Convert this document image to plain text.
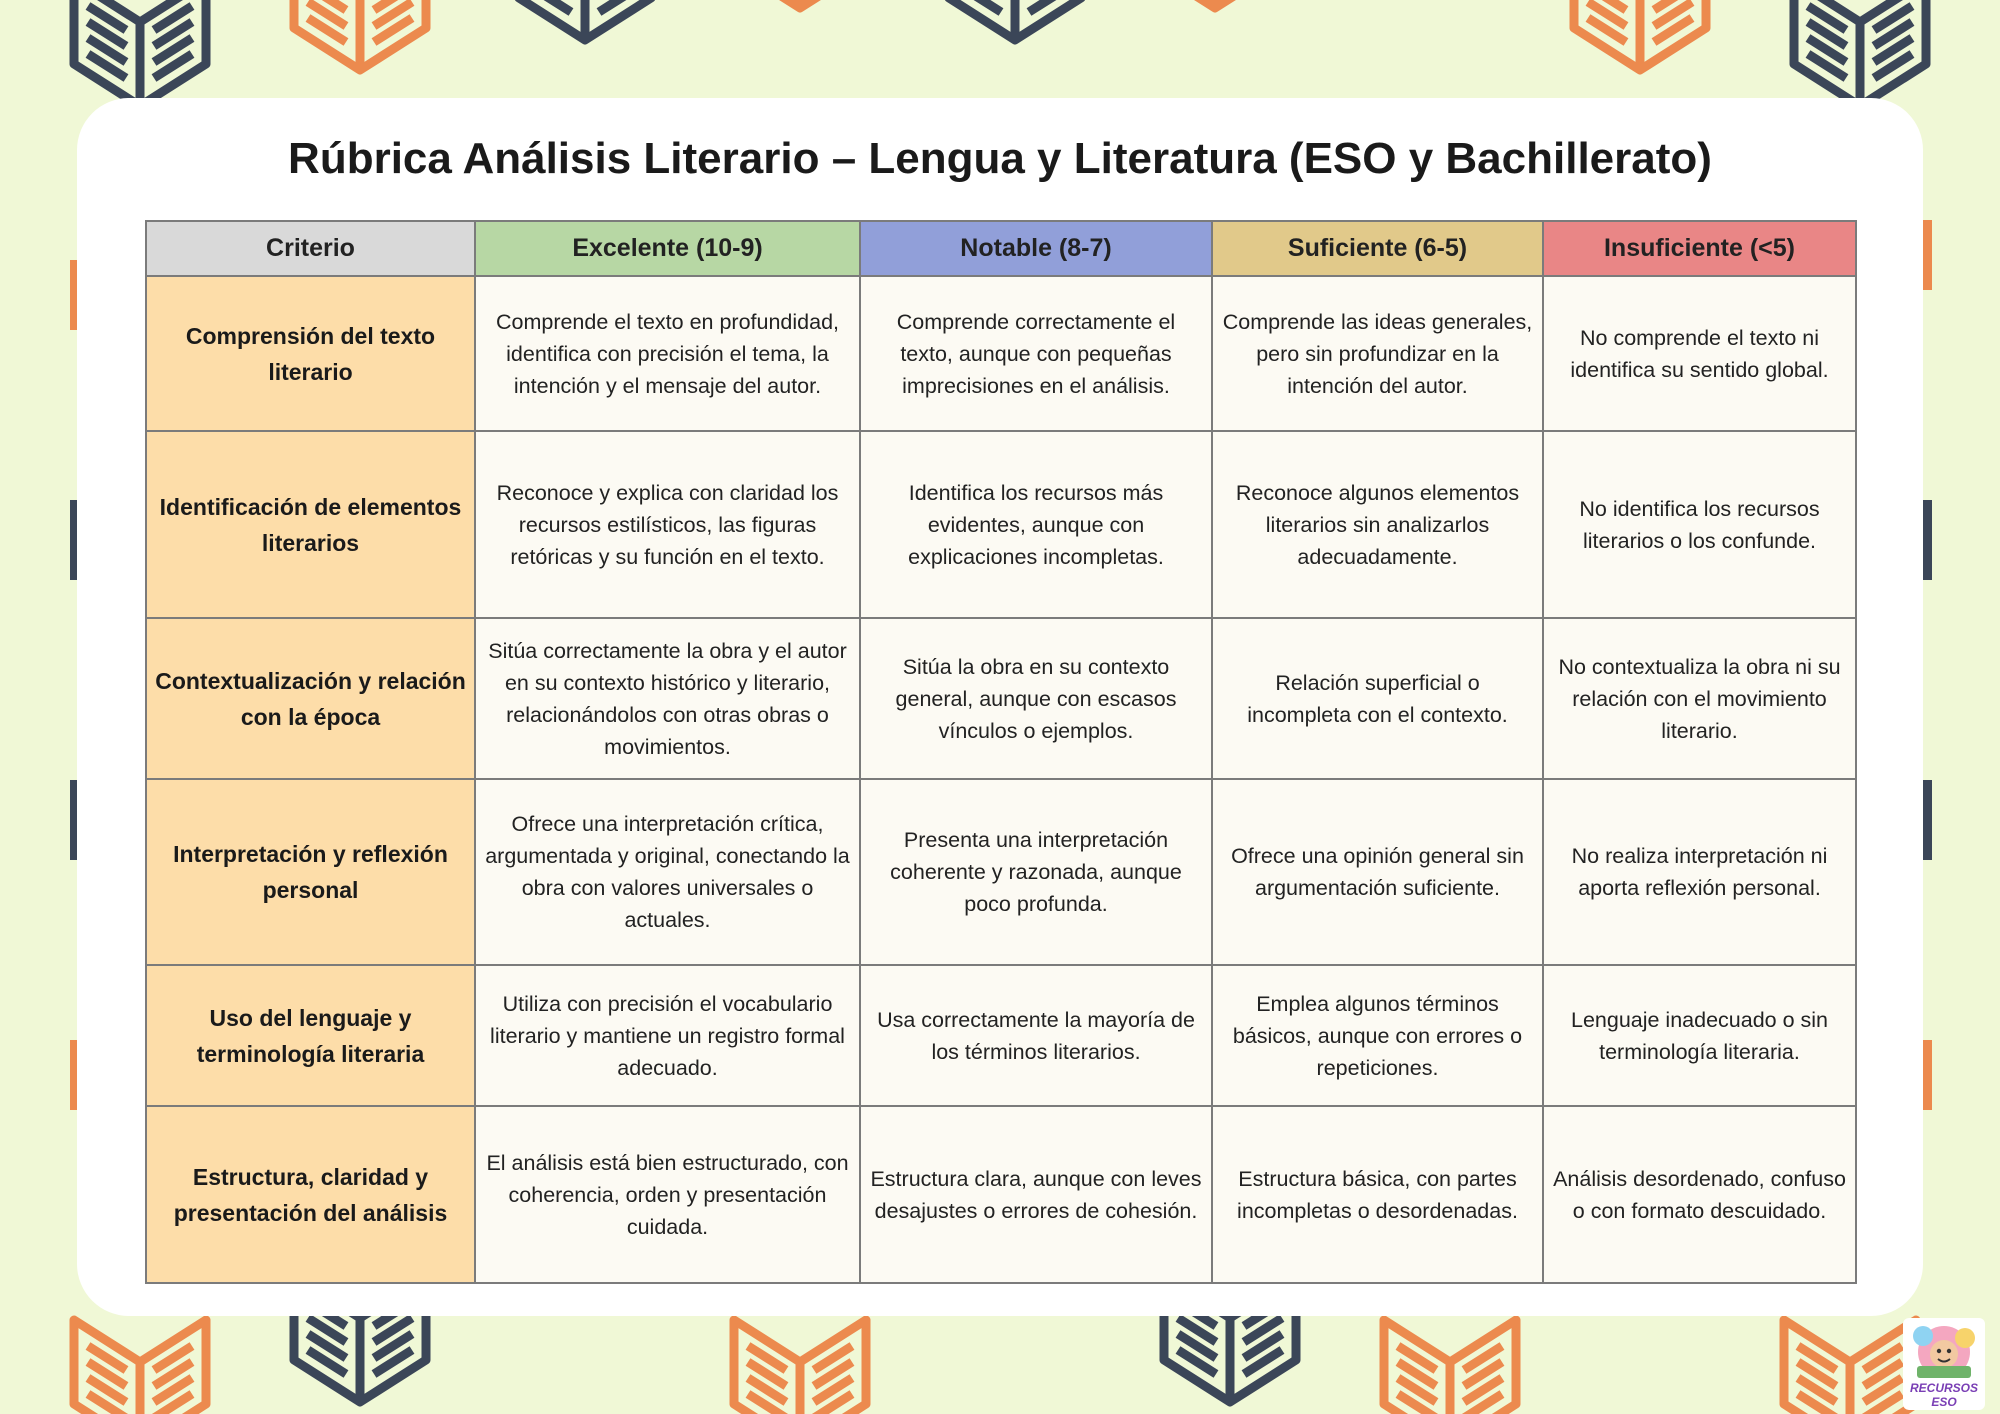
Rúbrica Análisis Literario – Lengua y Literatura (ESO y Bachillerato)
Criterio	Excelente (10-9)	Notable (8-7)	Suficiente (6-5)	Insuficiente (<5)
Comprensión del texto literario	Comprende el texto en profundidad, identifica con precisión el tema, la intención y el mensaje del autor.	Comprende correctamente el texto, aunque con pequeñas imprecisiones en el análisis.	Comprende las ideas generales, pero sin profundizar en la intención del autor.	No comprende el texto ni identifica su sentido global.
Identificación de elementos literarios	Reconoce y explica con claridad los recursos estilísticos, las figuras retóricas y su función en el texto.	Identifica los recursos más evidentes, aunque con explicaciones incompletas.	Reconoce algunos elementos literarios sin analizarlos adecuadamente.	No identifica los recursos literarios o los confunde.
Contextualización y relación con la época	Sitúa correctamente la obra y el autor en su contexto histórico y literario, relacionándolos con otras obras o movimientos.	Sitúa la obra en su contexto general, aunque con escasos vínculos o ejemplos.	Relación superficial o incompleta con el contexto.	No contextualiza la obra ni su relación con el movimiento literario.
Interpretación y reflexión personal	Ofrece una interpretación crítica, argumentada y original, conectando la obra con valores universales o actuales.	Presenta una interpretación coherente y razonada, aunque poco profunda.	Ofrece una opinión general sin argumentación suficiente.	No realiza interpretación ni aporta reflexión personal.
Uso del lenguaje y terminología literaria	Utiliza con precisión el vocabulario literario y mantiene un registro formal adecuado.	Usa correctamente la mayoría de los términos literarios.	Emplea algunos términos básicos, aunque con errores o repeticiones.	Lenguaje inadecuado o sin terminología literaria.
Estructura, claridad y presentación del análisis	El análisis está bien estructurado, con coherencia, orden y presentación cuidada.	Estructura clara, aunque con leves desajustes o errores de cohesión.	Estructura básica, con partes incompletas o desordenadas.	Análisis desordenado, confuso o con formato descuidado.
RECURSOS
ESO
